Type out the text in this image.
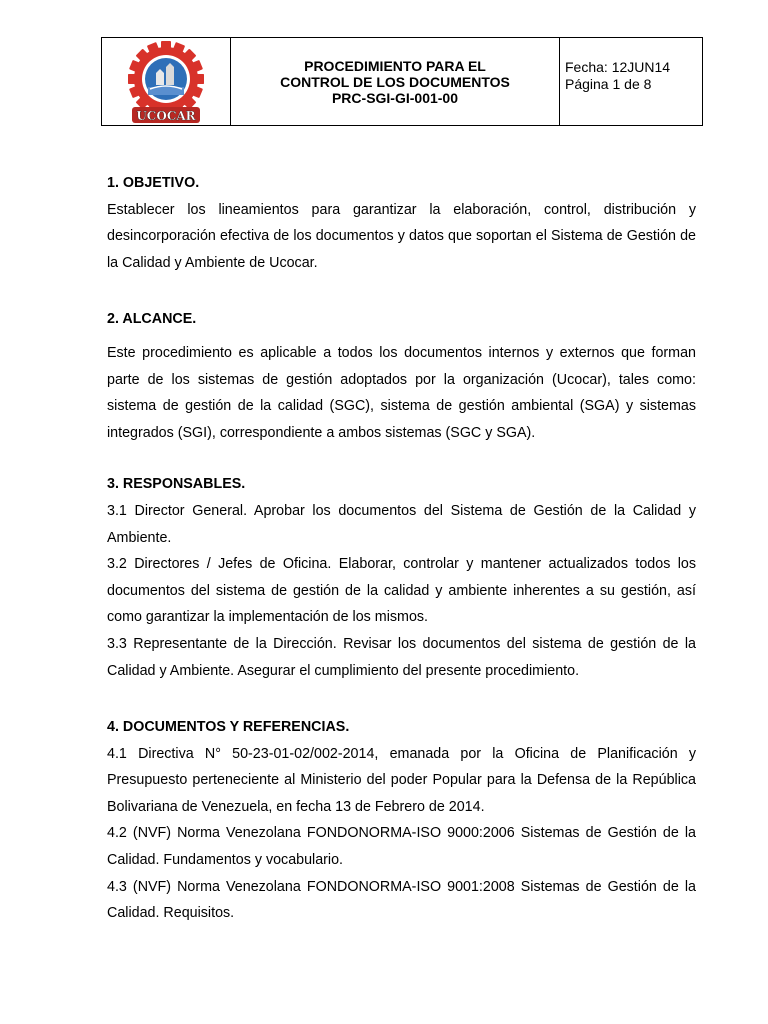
UCOCAR
PROCEDIMIENTO PARA EL
CONTROL DE LOS DOCUMENTOS
PRC-SGI-GI-001-00
Fecha: 12JUN14
Página 1 de 8

1. OBJETIVO.

Establecer los lineamientos para garantizar la elaboración, control, distribución y desincorporación efectiva de los documentos y datos que soportan el Sistema de Gestión de la Calidad y Ambiente de Ucocar.

2. ALCANCE.

Este procedimiento es aplicable a todos los documentos internos y externos que forman parte de los sistemas de gestión adoptados por la organización (Ucocar), tales como: sistema de gestión de la calidad (SGC), sistema de gestión ambiental (SGA) y sistemas integrados (SGI), correspondiente a ambos sistemas (SGC y SGA).

3. RESPONSABLES.

3.1 Director General. Aprobar los documentos del Sistema de Gestión de la Calidad y Ambiente.

3.2 Directores / Jefes de Oficina. Elaborar, controlar y mantener actualizados todos los documentos del sistema de gestión de la calidad y ambiente inherentes a su gestión, así como garantizar la implementación de los mismos.

3.3 Representante de la Dirección. Revisar los documentos del sistema de gestión de la Calidad y Ambiente. Asegurar el cumplimiento del presente procedimiento.

4. DOCUMENTOS Y REFERENCIAS.

4.1 Directiva N° 50-23-01-02/002-2014, emanada por la Oficina de Planificación y Presupuesto perteneciente al Ministerio del poder Popular para la Defensa de la República Bolivariana de Venezuela, en fecha 13 de Febrero de 2014.

4.2 (NVF) Norma Venezolana FONDONORMA-ISO 9000:2006 Sistemas de Gestión de la Calidad. Fundamentos y vocabulario.

4.3 (NVF) Norma Venezolana FONDONORMA-ISO 9001:2008 Sistemas de Gestión de la Calidad. Requisitos.
